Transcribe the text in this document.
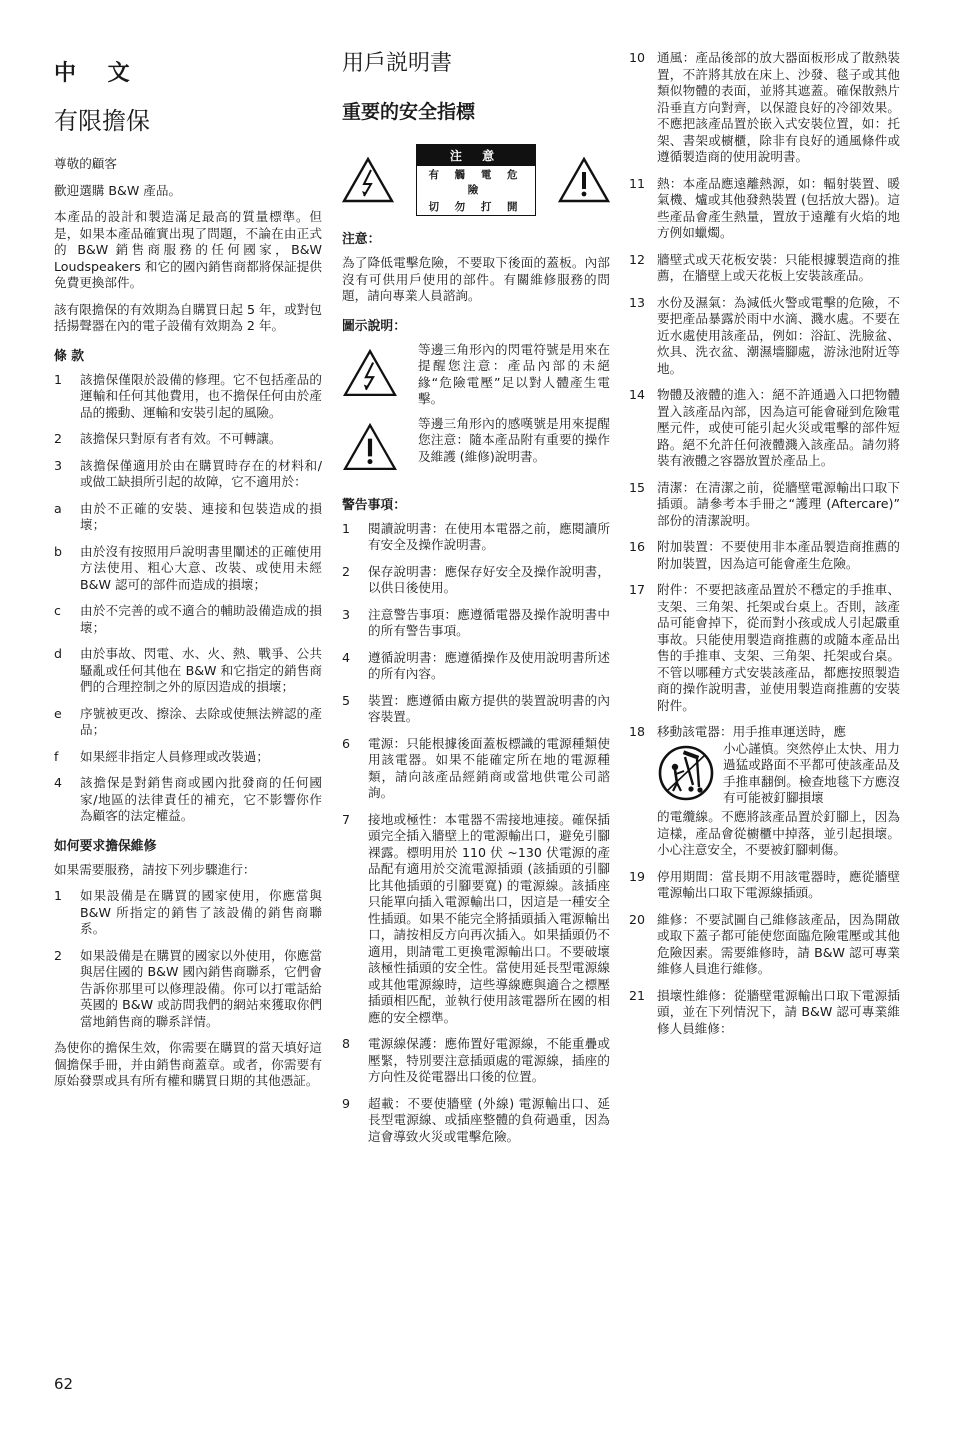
中 文
有限擔保

尊敬的顧客

歡迎選購 B&W 產品。

本產品的設計和製造滿足最高的質量標準。但是，如果本產品確實出現了問題，不論在由正式的 B&W 銷售商服務的任何國家，B&W Loudspeakers 和它的國內銷售商都將保証提供免費更換部件。

該有限擔保的有效期為自購買日起 5 年，或對包括揚聲器在內的電子設備有效期為 2 年。

條 款
1	該擔保僅限於設備的修理。它不包括產品的運輸和任何其他費用，也不擔保任何由於產品的搬動、運輸和安裝引起的風險。
2	該擔保只對原有者有效。不可轉讓。
3	該擔保僅適用於由在購買時存在的材料和/或做工缺損所引起的故障，它不適用於：
a	由於不正確的安裝、連接和包裝造成的損壞；
b	由於沒有按照用戶說明書里闡述的正確使用方法使用、粗心大意、改裝、或使用未經 B&W 認可的部件而造成的損壞；
c	由於不完善的或不適合的輔助設備造成的損壞；
d	由於事故、閃電、水、火、熱、戰爭、公共騷亂或任何其他在 B&W 和它指定的銷售商們的合理控制之外的原因造成的損壞；
e	序號被更改、擦涂、去除或使無法辨認的產品；
f	如果經非指定人員修理或改裝過；
4	該擔保是對銷售商或國內批發商的任何國家/地區的法律責任的補充，它不影響你作為顧客的法定權益。
如何要求擔保維修

如果需要服務，請按下列步驟進行：

1	如果設備是在購買的國家使用，你應當與 B&W 所指定的銷售了該設備的銷售商聯系。
2	如果設備是在購買的國家以外使用，你應當與居住國的 B&W 國內銷售商聯系，它們會告訴你那里可以修理設備。你可以打電話給英國的 B&W 或訪問我們的網站來獲取你們當地銷售商的聯系詳情。

為使你的擔保生效，你需要在購買的當天填好這個擔保手冊，并由銷售商蓋章。或者，你需要有原始發票或具有所有權和購買日期的其他憑証。

用戶説明書
重要的安全指標
注 意
有 觸 電 危 險
切 勿 打 開
注意：

為了降低電擊危險，不要取下後面的蓋板。內部沒有可供用戶使用的部件。有關維修服務的問題，請向專業人員諮詢。

圖示說明：

等邊三角形內的閃電符號是用來在提醒您注意：產品內部的未絕緣“危險電壓”足以對人體產生電擊。

等邊三角形內的感嘆號是用來提醒您注意：隨本產品附有重要的操作及維護 (維修)說明書。

警告事項：
1	閱讀說明書：在使用本電器之前，應閱讀所有安全及操作說明書。
2	保存說明書：應保存好安全及操作說明書，以供日後使用。
3	注意警告事項：應遵循電器及操作說明書中的所有警告事項。
4	遵循說明書：應遵循操作及使用說明書所述的所有內容。
5	裝置：應遵循由廠方提供的裝置說明書的內容裝置。
6	電源：只能根據後面蓋板標識的電源種類使用該電器。如果不能確定所在地的電源種類，請向該產品經銷商或當地供電公司諮詢。
7	接地或極性：本電器不需接地連接。確保插頭完全插入牆壁上的電源輸出口，避免引腳裸露。標明用於 110 伏 ~130 伏電源的產品配有適用於交流電源插頭 (該插頭的引腳比其他插頭的引腳要寬) 的電源線。該插座只能單向插入電源輸出口，因這是一種安全性插頭。如果不能完全將插頭插入電源輸出口，請按相反方向再次插入。如果插頭仍不適用，則請電工更換電源輸出口。不要破壞該極性插頭的安全性。當使用延長型電源線或其他電源線時，這些導線應與適合之標壓插頭相匹配，並執行使用該電器所在國的相應的安全標準。
8	電源線保護：應佈置好電源線，不能重疊或壓緊，特別要注意插頭處的電源線，插座的方向性及從電器出口後的位置。
9	超載：不要使牆壁 (外線) 電源輸出口、延長型電源線、或插座整體的負荷過重，因為這會導致火災或電擊危險。
10 通風：產品後部的放大器面板形成了散熱裝置，不許將其放在床上、沙發、毯子或其他類似物體的表面，並將其遮蓋。確保散熱片沿垂直方向對齊，以保證良好的冷卻效果。不應把該產品置於嵌入式安裝位置，如：托架、書架或櫥櫃，除非有良好的通風條件或遵循製造商的使用說明書。
11 熱：本產品應遠離熱源，如：輻射裝置、暖氣機、爐或其他發熱裝置 (包括放大器)。這些產品會產生熱量，置放于遠離有火焰的地方例如蠟燭。
12 牆壁式或天花板安裝：只能根據製造商的推薦，在牆壁上或天花板上安裝該產品。
13 水份及濕氣：為減低火警或電擊的危險，不要把產品暴露於雨中水滴、濺水處。不要在近水處使用該產品，例如：浴缸、洗臉盆、炊具、洗衣盆、潮濕墻腳處，游泳池附近等地。
14 物體及液體的進入：絕不許通過入口把物體置入該產品內部，因為這可能會碰到危險電壓元件，或使可能引起火災或電擊的部件短路。絕不允許任何液體濺入該產品。請勿將裝有液體之容器放置於產品上。
15 清潔：在清潔之前，從牆壁電源輸出口取下插頭。請參考本手冊之“護理 (Aftercare)” 部份的清潔說明。
16 附加裝置：不要使用非本產品製造商推薦的附加裝置，因為這可能會產生危險。
17 附件：不要把該產品置於不穩定的手推車、支架、三角架、托架或台桌上。否則，該產品可能會掉下，從而對小孩或成人引起嚴重事故。只能使用製造商推薦的或隨本產品出售的手推車、支架、三角架、托架或台桌。不管以哪種方式安裝該產品，都應按照製造商的操作說明書，並使用製造商推薦的安裝附件。
18 移動該電器：用手推車運送時，應
小心謹慎。突然停止太快、用力過猛或路面不平都可使該產品及手推車翻倒。檢查地毯下方應沒有可能被釘腳損壞
的電纜線。不應將該產品置於釘腳上，因為這樣，產品會從櫥櫃中掉落，並引起損壞。小心注意安全，不要被釘腳刺傷。
19 停用期間：當長期不用該電器時，應從牆壁電源輸出口取下電源線插頭。
20 維修：不要試圖自己維修該產品，因為開啟或取下蓋子都可能使您面臨危險電壓或其他危險因素。需要維修時，請 B&W 認可專業維修人員進行維修。
21 損壞性維修：從牆壁電源輸出口取下電源插頭，並在下列情況下，請 B&W 認可專業維修人員維修：
62
